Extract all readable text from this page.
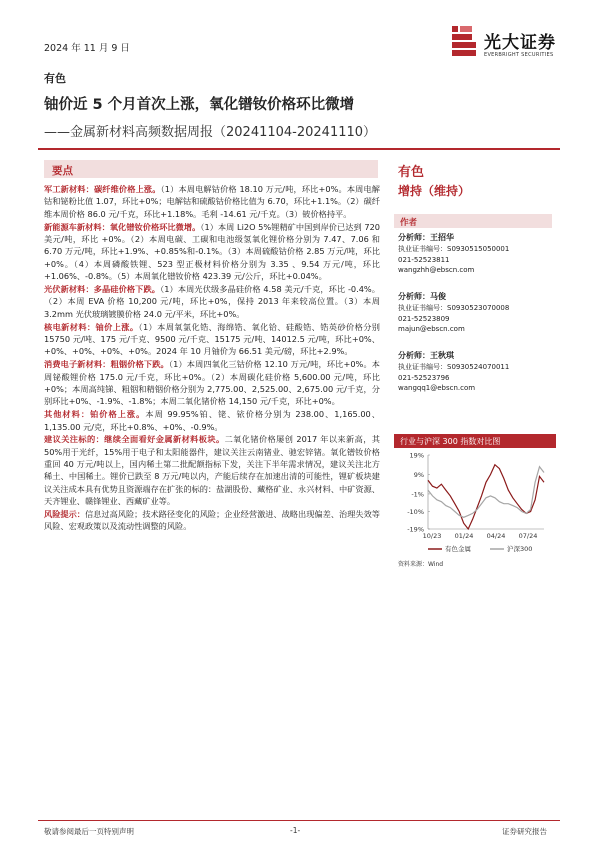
2024 年 11 月 9 日	光大证券
EVERBRIGHT SECURITIES
有色
铀价近 5 个月首次上涨，氧化镨钕价格环比微增
——金属新材料高频数据周报（20241104-20241110）
要点

军工新材料：碳纤维价格上涨。（1）本周电解钴价格 18.10 万元/吨，环比+0%。本周电解钴和铋粉比值 1.07，环比+0%；电解钴和硫酸钴价格比值为 6.70，环比+1.1%。（2）碳纤维本周价格 86.0 元/千克，环比+1.18%。毛利 -14.61 元/千克。（3）铍价格持平。

新能源车新材料：氧化镨钕价格环比微增。（1）本周 Li2O 5%锂精矿中国到岸价已达到 720 美元/吨，环比 +0%。（2）本周电碳、工碳和电池级氢氧化锂价格分别为 7.47、7.06 和 6.70 万元/吨，环比+1.9%、+0.85%和-0.1%。（3）本周硫酸钴价格 2.85 万元/吨，环比+0%。（4）本周磷酸铁锂、523 型正极材料价格分别为 3.35 、9.54 万元/吨，环比+1.06%、-0.8%。（5）本周氧化镨钕价格 423.39 元/公斤，环比+0.04%。

光伏新材料：多晶硅价格下跌。（1）本周光伏级多晶硅价格 4.58 美元/千克，环比 -0.4%。（2）本周 EVA 价格 10,200 元/吨，环比+0%，保持 2013 年来较高位置。（3）本周 3.2mm 光伏玻璃镀膜价格 24.0 元/平米，环比+0%。

核电新材料：铀价上涨。（1）本周氧氯化锆、海绵锆、氧化铪、硅酸锆、锆英砂价格分别 15750 元/吨、175 元/千克、9500 元/千克、15175 元/吨、14012.5 元/吨，环比+0%、+0%、+0%、+0%、+0%。2024 年 10 月铀价为 66.51 美元/磅，环比+2.9%。

消费电子新材料：粗铟价格下跌。（1）本周四氧化三钴价格 12.10 万元/吨，环比+0%。本周铋酸锂价格 175.0 元/千克，环比+0%。（2）本周碳化硅价格 5,600.00 元/吨，环比 +0%；本周高纯锑、粗铟和精铟价格分别为 2,775.00、2,525.00、2,675.00 元/千克，分别环比+0%、-1.9%、-1.8%；本周二氧化锗价格 14,150 元/千克，环比+0%。

其他材料：铂价格上涨。本周 99.95%铂、铑、铱价格分别为 238.00、1,165.00、1,135.00 元/克，环比+0.8%、+0%、-0.9%。

建议关注标的：继续全面看好金属新材料板块。二氧化锗价格屡创 2017 年以来新高，其 50%用于光纤，15%用于电子和太阳能器件，建议关注云南锗业、驰宏锌锗。氧化镨钕价格重回 40 万元/吨以上，国内稀土第二批配额指标下发，关注下半年需求情况，建议关注北方稀土、中国稀土。锂价已跌至 8 万元/吨以内，产能后续存在加速出清的可能性，锂矿板块建议关注成本具有优势且资源端存在扩张的标的：盐湖股份、藏格矿业、永兴材料、中矿资源、天齐锂业、赣锋锂业、西藏矿业等。

风险提示：信息过高风险；技术路径变化的风险；企业经营激进、战略出现偏差、治理失效等风险、宏观政策以及流动性调整的风险。

有色
增持（维持）
作者
分析师：王招华
执业证书编号：S0930515050001
021-52523811
wangzhh@ebscn.com
分析师：马俊
执业证书编号：S0930523070008
021-52523809
majun@ebscn.com
分析师：王秋琪
执业证书编号：S0930524070011
021-52523796
wangqq1@ebscn.com
行业与沪深 300 指数对比图
19%
9%
-1%
-10%
-19%
10/23 01/24 04/24 07/24
有色金属	沪深300
资料来源：Wind
敬请参阅最后一页特别声明	-1-	证券研究报告
